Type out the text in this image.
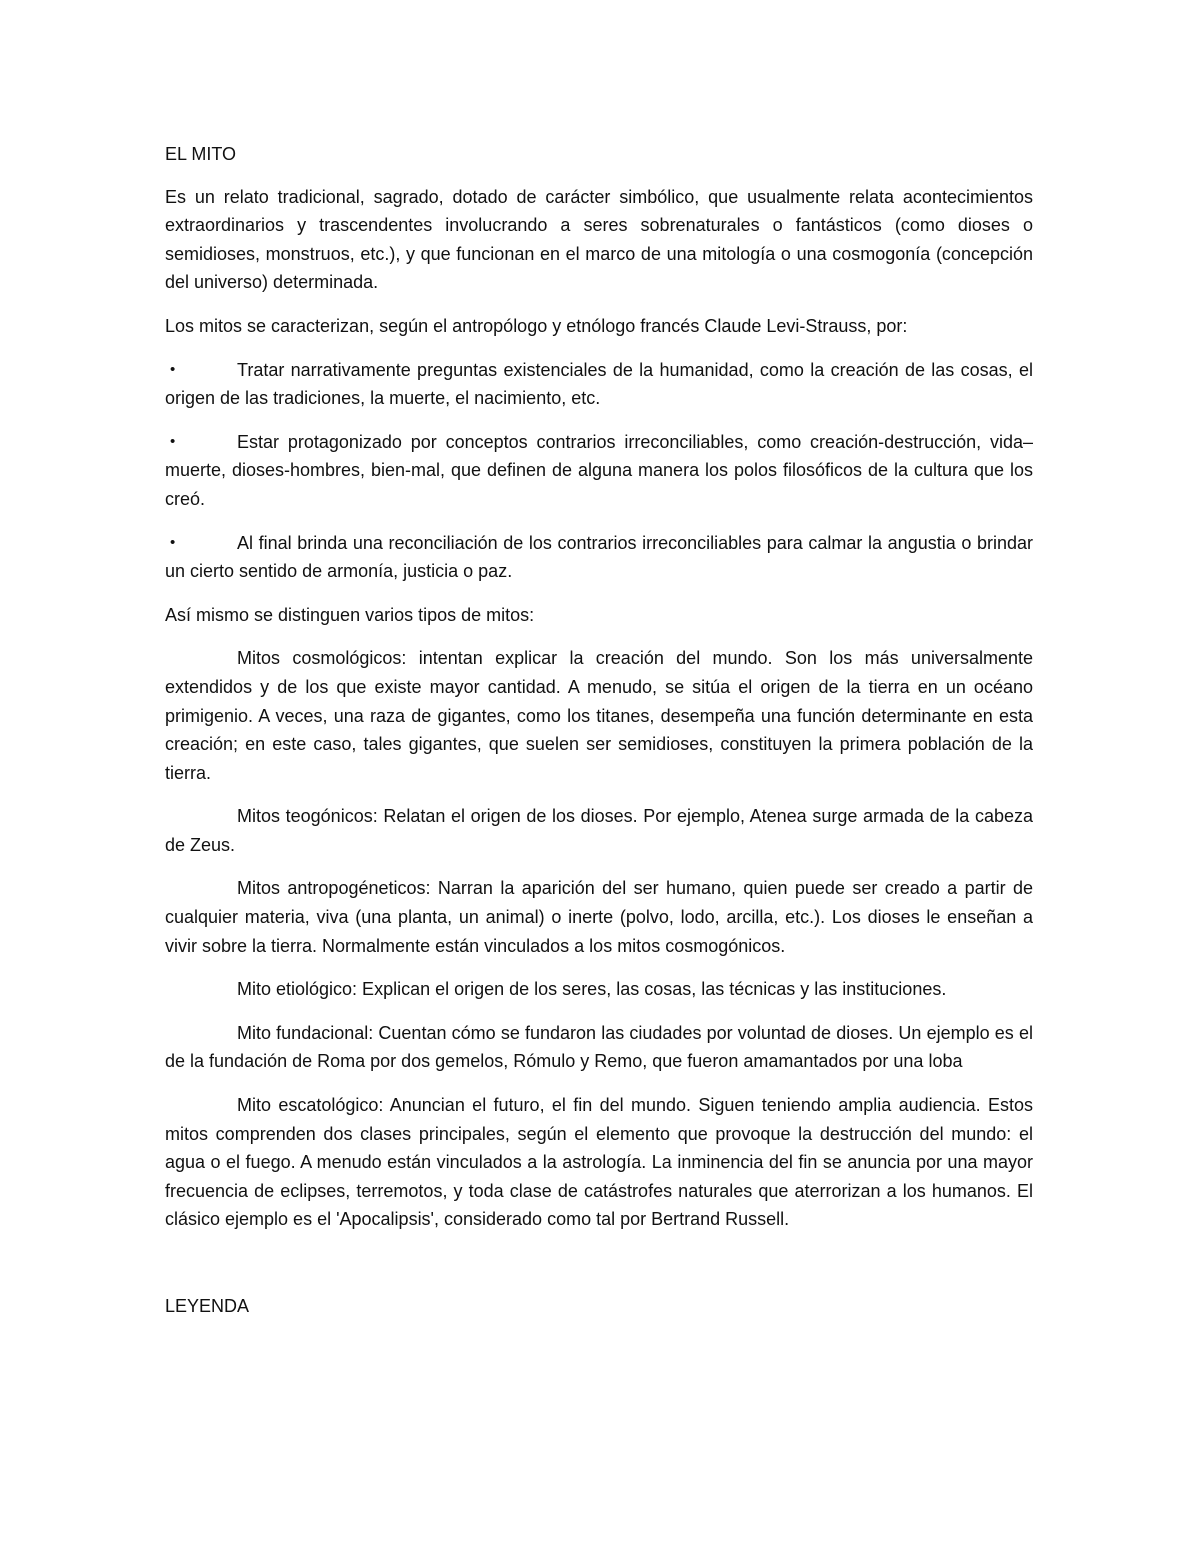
EL MITO

Es un relato tradicional, sagrado, dotado de carácter simbólico, que usualmente relata acontecimientos extraordinarios y trascendentes involucrando a seres sobrenaturales o fantásticos (como dioses o semidioses, monstruos, etc.), y que funcionan en el marco de una mitología o una cosmogonía (concepción del universo) determinada.

Los mitos se caracterizan, según el antropólogo y etnólogo francés Claude Levi-Strauss, por:

•	Tratar narrativamente preguntas existenciales de la humanidad, como la creación de las cosas, el origen de las tradiciones, la muerte, el nacimiento, etc.

•	Estar protagonizado por conceptos contrarios irreconciliables, como creación-destrucción, vida–muerte, dioses-hombres, bien-mal, que definen de alguna manera los polos filosóficos de la cultura que los creó.

•	Al final brinda una reconciliación de los contrarios irreconciliables para calmar la angustia o brindar un cierto sentido de armonía, justicia o paz.

Así mismo se distinguen varios tipos de mitos:

Mitos cosmológicos: intentan explicar la creación del mundo. Son los más universalmente extendidos y de los que existe mayor cantidad. A menudo, se sitúa el origen de la tierra en un océano primigenio. A veces, una raza de gigantes, como los titanes, desempeña una función determinante en esta creación; en este caso, tales gigantes, que suelen ser semidioses, constituyen la primera población de la tierra.

Mitos teogónicos: Relatan el origen de los dioses. Por ejemplo, Atenea surge armada de la cabeza de Zeus.

Mitos antropogéneticos: Narran la aparición del ser humano, quien puede ser creado a partir de cualquier materia, viva (una planta, un animal) o inerte (polvo, lodo, arcilla, etc.). Los dioses le enseñan a vivir sobre la tierra. Normalmente están vinculados a los mitos cosmogónicos.

Mito etiológico: Explican el origen de los seres, las cosas, las técnicas y las instituciones.

Mito fundacional: Cuentan cómo se fundaron las ciudades por voluntad de dioses. Un ejemplo es el de la fundación de Roma por dos gemelos, Rómulo y Remo, que fueron amamantados por una loba

Mito escatológico: Anuncian el futuro, el fin del mundo. Siguen teniendo amplia audiencia. Estos mitos comprenden dos clases principales, según el elemento que provoque la destrucción del mundo: el agua o el fuego. A menudo están vinculados a la astrología. La inminencia del fin se anuncia por una mayor frecuencia de eclipses, terremotos, y toda clase de catástrofes naturales que aterrorizan a los humanos. El clásico ejemplo es el 'Apocalipsis', considerado como tal por Bertrand Russell.

LEYENDA
